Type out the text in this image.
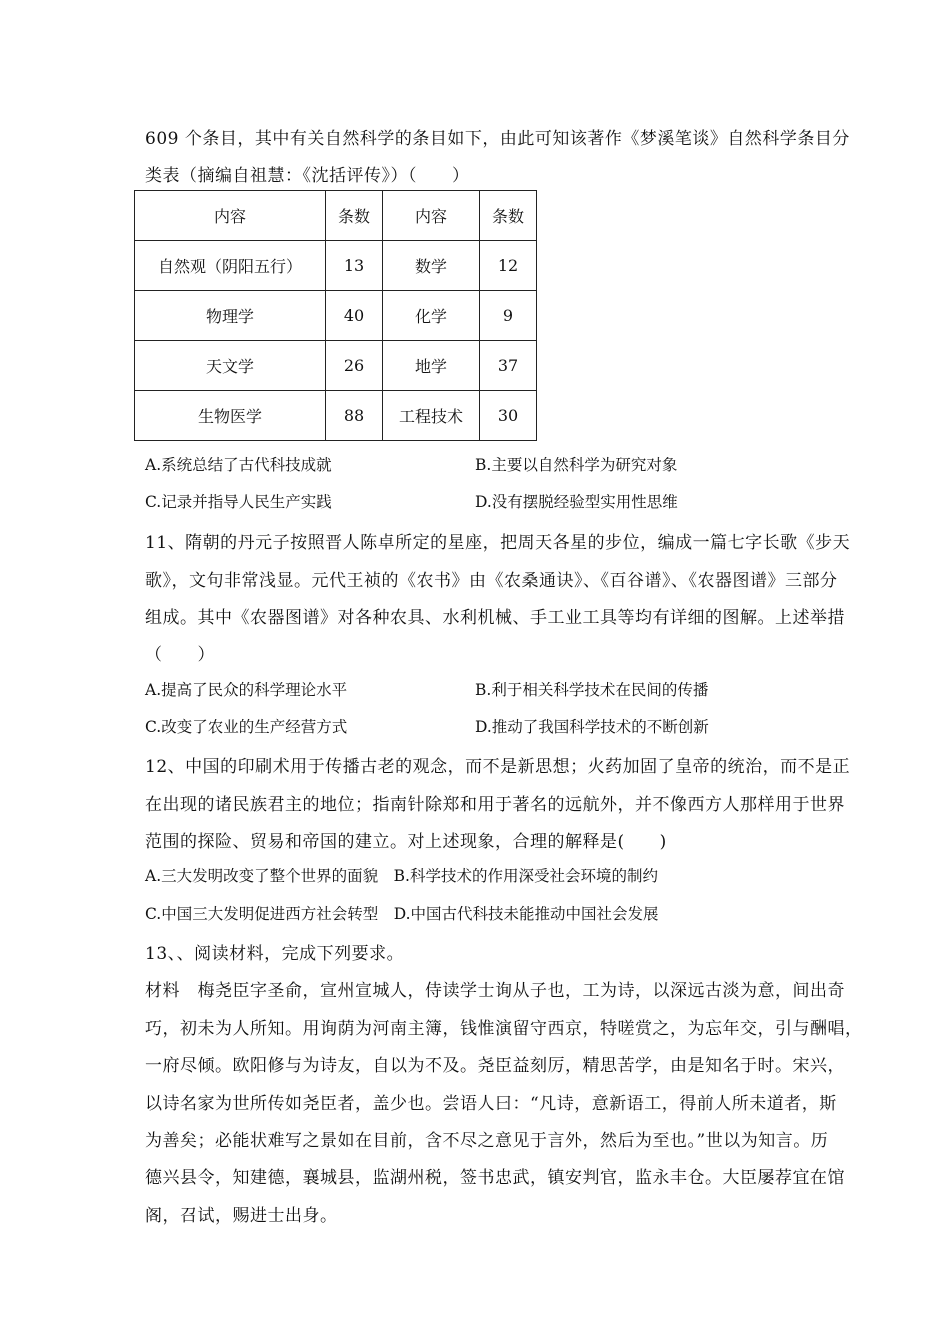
609 个条目，其中有关自然科学的条目如下，由此可知该著作《梦溪笔谈》自然科学条目分
类表（摘编自祖慧：《沈括评传》）（　　）
内容	条数	内容	条数
自然观（阴阳五行）	13	数学	12
物理学	40	化学	9
天文学	26	地学	37
生物医学	88	工程技术	30
A.系统总结了古代科技成就	B.主要以自然科学为研究对象
C.记录并指导人民生产实践	D.没有摆脱经验型实用性思维
11、隋朝的丹元子按照晋人陈卓所定的星座，把周天各星的步位，编成一篇七字长歌《步天
歌》，文句非常浅显。元代王祯的《农书》由《农桑通诀》、《百谷谱》、《农器图谱》三部分
组成。其中《农器图谱》对各种农具、水利机械、手工业工具等均有详细的图解。上述举措
（　　）
A.提高了民众的科学理论水平	B.利于相关科学技术在民间的传播
C.改变了农业的生产经营方式	D.推动了我国科学技术的不断创新
12、中国的印刷术用于传播古老的观念，而不是新思想；火药加固了皇帝的统治，而不是正
在出现的诸民族君主的地位；指南针除郑和用于著名的远航外，并不像西方人那样用于世界
范围的探险、贸易和帝国的建立。对上述现象，合理的解释是(　　)
A.三大发明改变了整个世界的面貌　B.科学技术的作用深受社会环境的制约
C.中国三大发明促进西方社会转型　D.中国古代科技未能推动中国社会发展
13、、阅读材料，完成下列要求。
材料　梅尧臣字圣俞，宣州宣城人，侍读学士询从子也，工为诗，以深远古淡为意，间出奇
巧，初未为人所知。用询荫为河南主簿，钱惟演留守西京，特嗟赏之，为忘年交，引与酬唱，
一府尽倾。欧阳修与为诗友，自以为不及。尧臣益刻厉，精思苦学，由是知名于时。宋兴，
以诗名家为世所传如尧臣者，盖少也。尝语人曰：“凡诗，意新语工，得前人所未道者，斯
为善矣；必能状难写之景如在目前，含不尽之意见于言外，然后为至也。”世以为知言。历
德兴县令，知建德，襄城县，监湖州税，签书忠武，镇安判官，监永丰仓。大臣屡荐宜在馆
阁，召试，赐进士出身。
